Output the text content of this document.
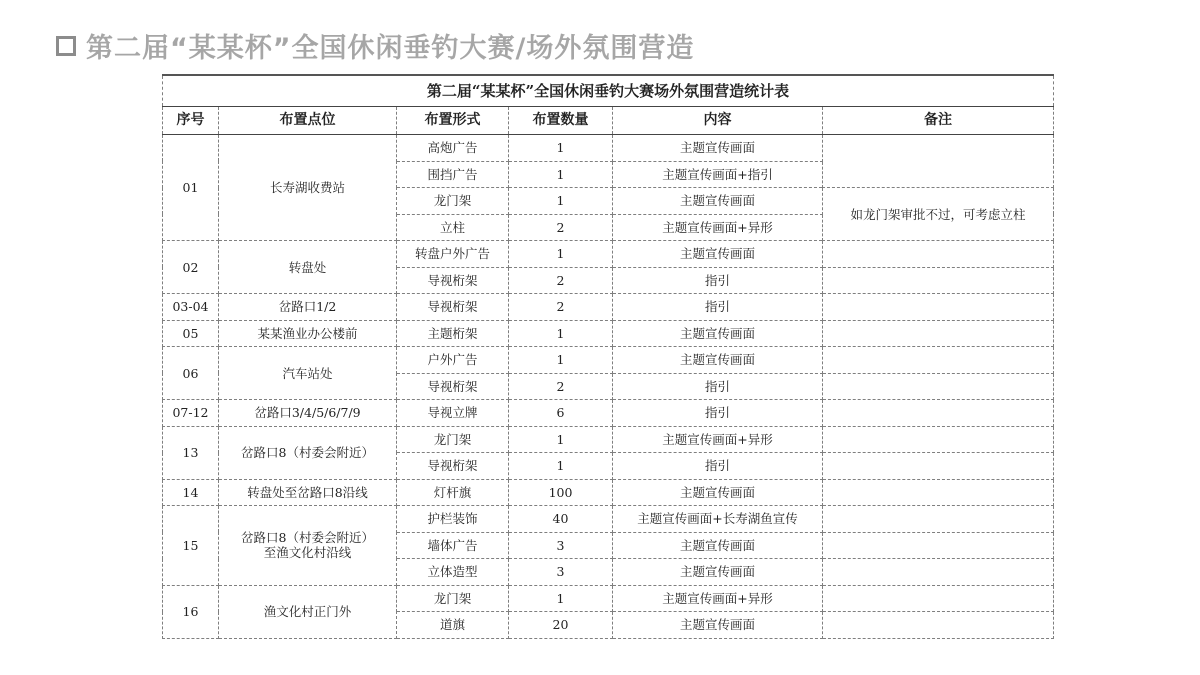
第二届“某某杯”全国休闲垂钓大赛/场外氛围营造
第二届“某某杯”全国休闲垂钓大赛场外氛围营造统计表					
序号	布置点位	布置形式	布置数量	内容	备注
01	长寿湖收费站	高炮广告	1	主题宣传画面	
		围挡广告	1	主题宣传画面+指引	
		龙门架	1	主题宣传画面	如龙门架审批不过，可考虑立柱
		立柱	2	主题宣传画面+异形	
02	转盘处	转盘户外广告	1	主题宣传画面	
		导视桁架	2	指引	
03-04	岔路口1/2	导视桁架	2	指引	
05	某某渔业办公楼前	主题桁架	1	主题宣传画面	
06	汽车站处	户外广告	1	主题宣传画面	
		导视桁架	2	指引	
07-12	岔路口3/4/5/6/7/9	导视立牌	6	指引	
13	岔路口8（村委会附近）	龙门架	1	主题宣传画面+异形	
		导视桁架	1	指引	
14	转盘处至岔路口8沿线	灯杆旗	100	主题宣传画面	
15	岔路口8（村委会附近）
至渔文化村沿线	护栏装饰	40	主题宣传画面+长寿湖鱼宣传	
		墙体广告	3	主题宣传画面	
		立体造型	3	主题宣传画面	
16	渔文化村正门外	龙门架	1	主题宣传画面+异形	
		道旗	20	主题宣传画面	
